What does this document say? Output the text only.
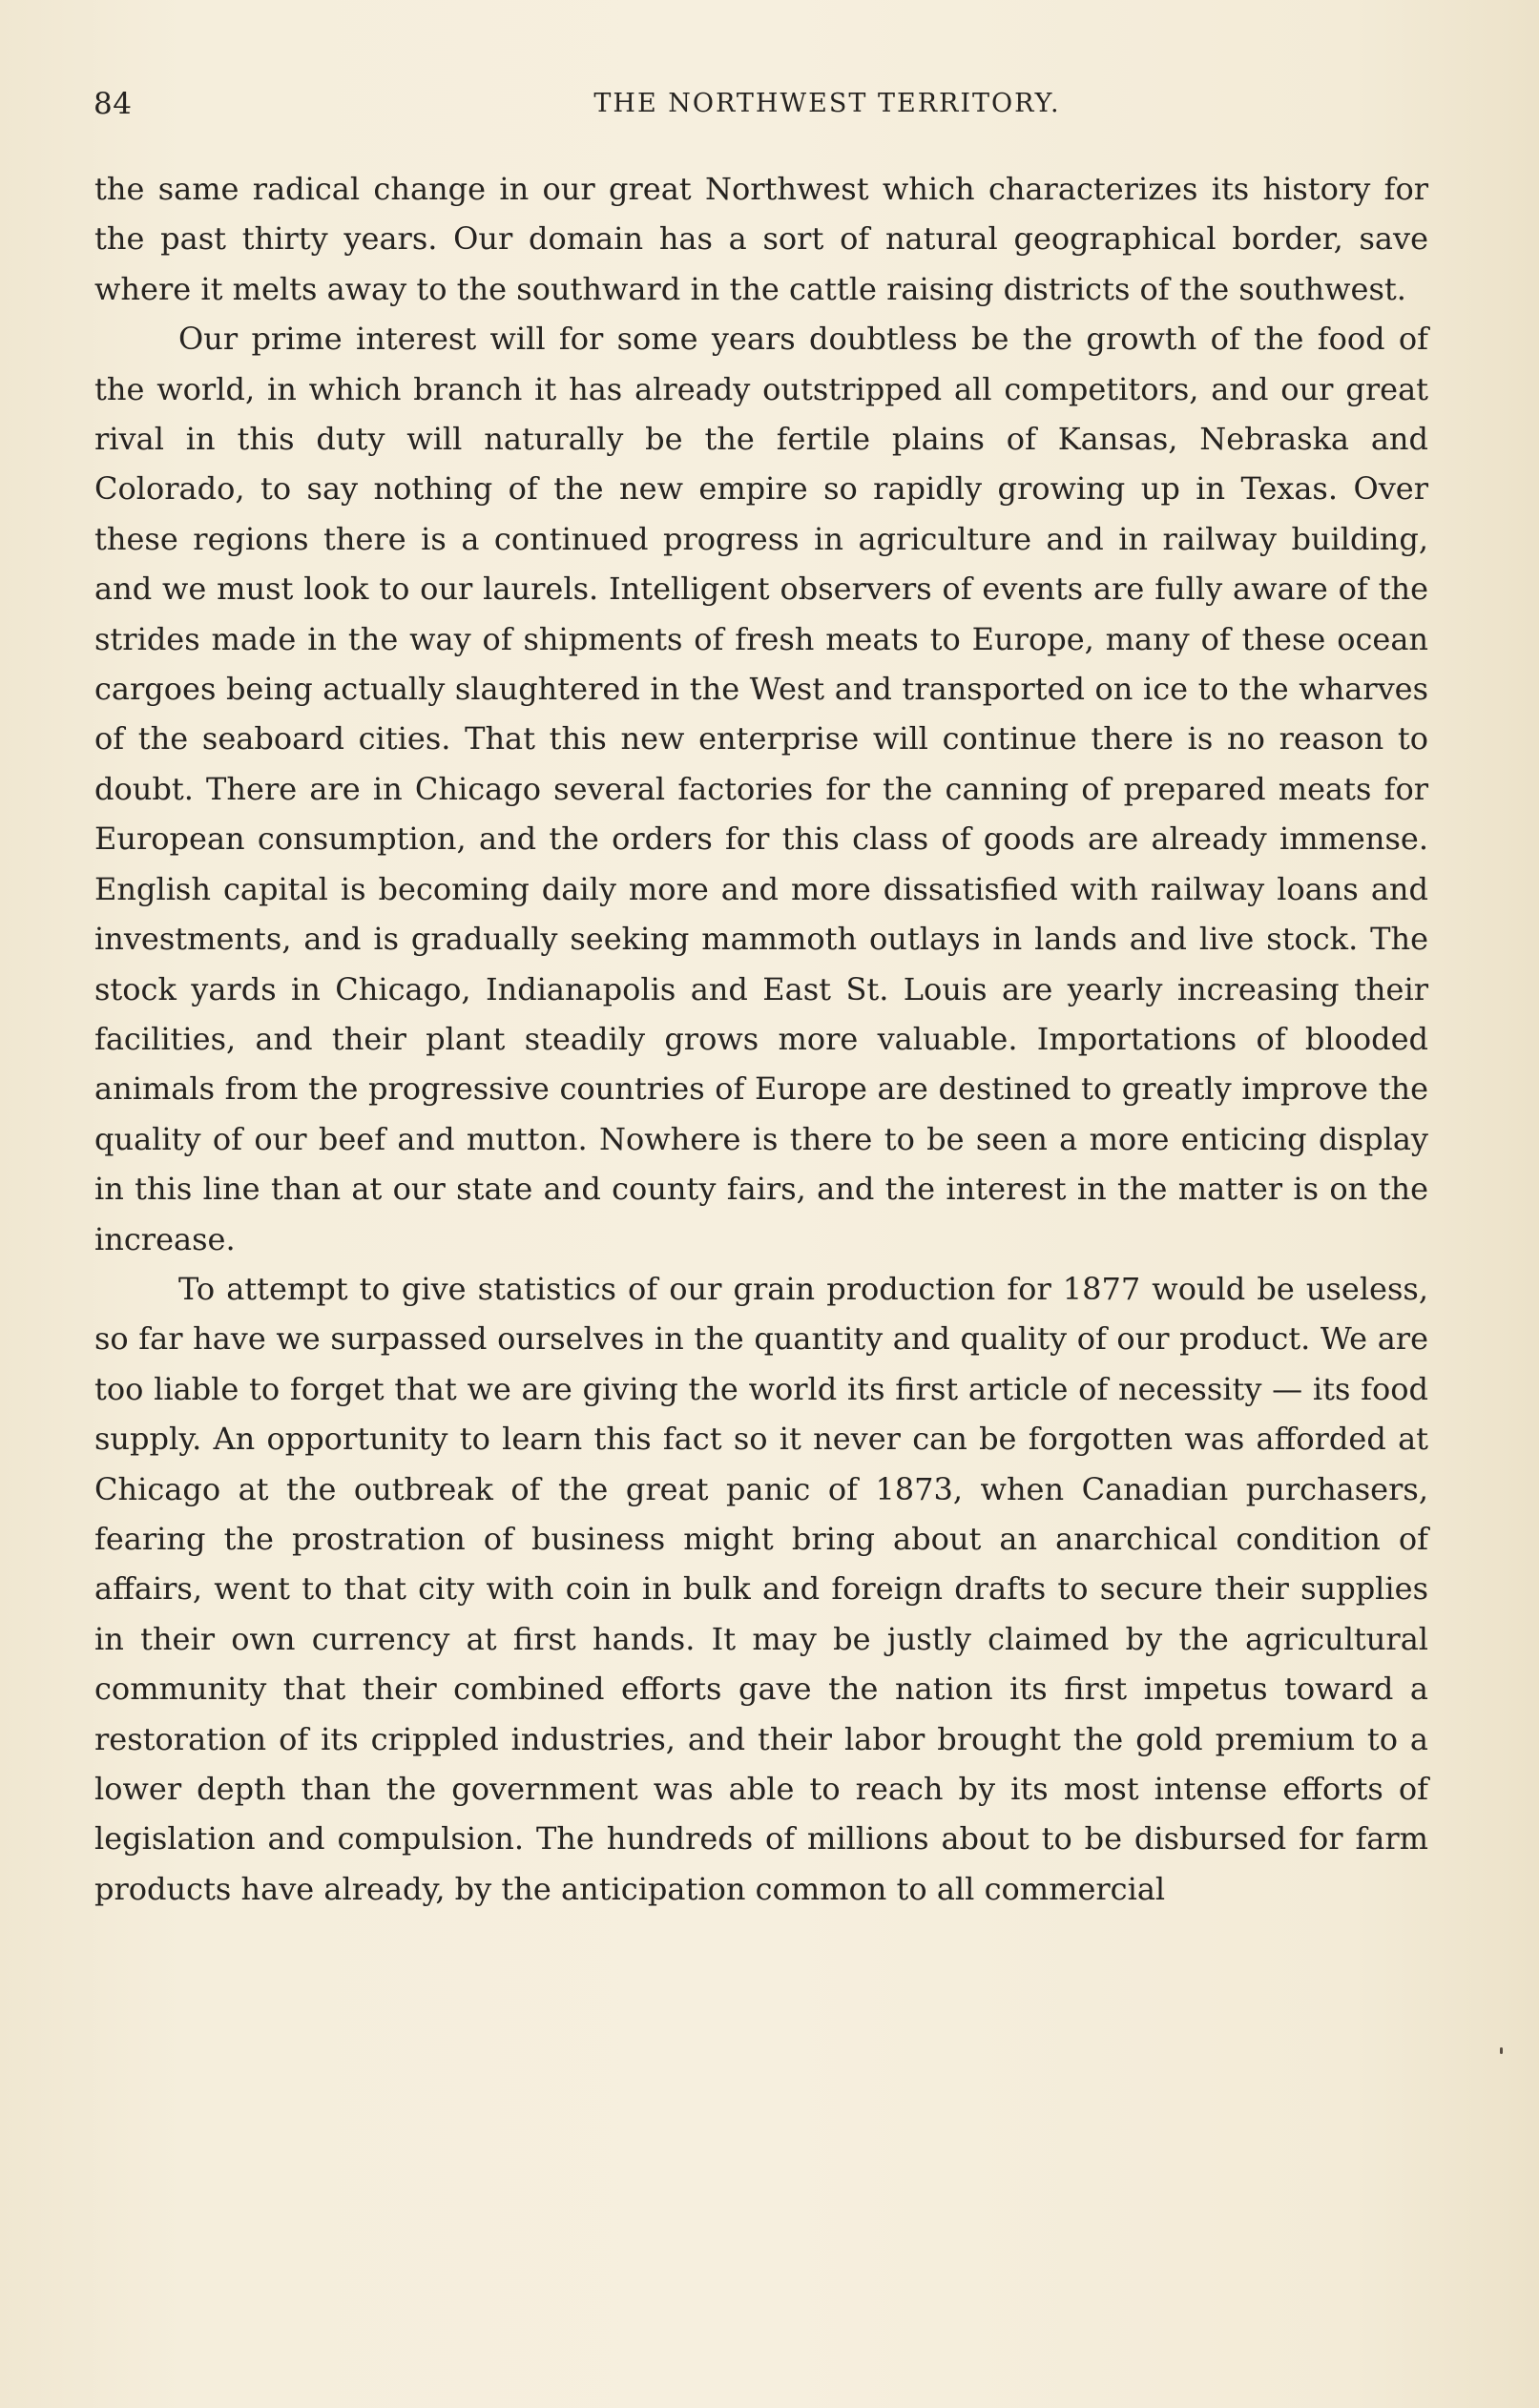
84	THE NORTHWEST TERRITORY.

the same radical change in our great Northwest which characterizes its history for the past thirty years. Our domain has a sort of natural geographical border, save where it melts away to the southward in the cattle raising districts of the southwest.

Our prime interest will for some years doubtless be the growth of the food of the world, in which branch it has already outstripped all competitors, and our great rival in this duty will naturally be the fertile plains of Kansas, Nebraska and Colorado, to say nothing of the new empire so rapidly growing up in Texas. Over these regions there is a continued progress in agriculture and in railway building, and we must look to our laurels. Intelligent observers of events are fully aware of the strides made in the way of shipments of fresh meats to Europe, many of these ocean cargoes being actually slaughtered in the West and transported on ice to the wharves of the seaboard cities. That this new enterprise will continue there is no reason to doubt. There are in Chicago several factories for the canning of prepared meats for European consumption, and the orders for this class of goods are already immense. English capital is becoming daily more and more dissatisfied with railway loans and investments, and is gradually seeking mammoth outlays in lands and live stock. The stock yards in Chicago, Indianapolis and East St. Louis are yearly increasing their facilities, and their plant steadily grows more valuable. Importations of blooded animals from the progressive countries of Europe are destined to greatly improve the quality of our beef and mutton. Nowhere is there to be seen a more enticing display in this line than at our state and county fairs, and the interest in the matter is on the increase.

To attempt to give statistics of our grain production for 1877 would be useless, so far have we surpassed ourselves in the quantity and quality of our product. We are too liable to forget that we are giving the world its first article of necessity — its food supply. An opportunity to learn this fact so it never can be forgotten was afforded at Chicago at the outbreak of the great panic of 1873, when Canadian purchasers, fearing the prostration of business might bring about an anarchical condition of affairs, went to that city with coin in bulk and foreign drafts to secure their supplies in their own currency at first hands. It may be justly claimed by the agricultural community that their combined efforts gave the nation its first impetus toward a restoration of its crippled industries, and their labor brought the gold premium to a lower depth than the government was able to reach by its most intense efforts of legislation and compulsion. The hundreds of millions about to be disbursed for farm products have already, by the anticipation common to all commercial
